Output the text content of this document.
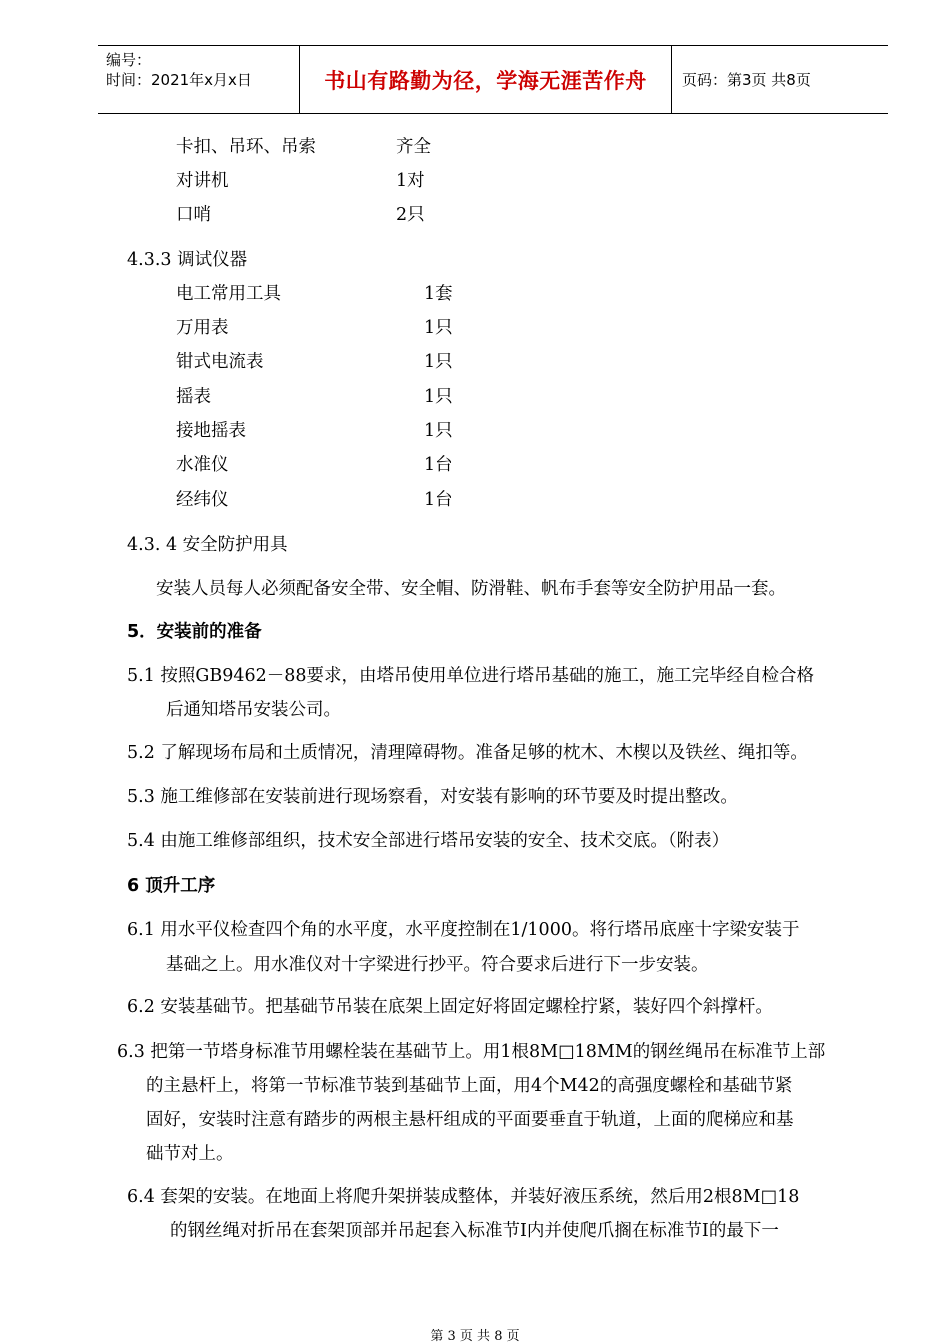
编号：
时间：2021年x月x日	书山有路勤为径，学海无涯苦作舟	页码：第3页 共8页
卡扣、吊环、吊索	齐全
对讲机	1对
口哨	2只
4.3.3 调试仪器
电工常用工具	1套
万用表	1只
钳式电流表	1只
摇表	1只
接地摇表	1只
水准仪	1台
经纬仪	1台
4.3. 4 安全防护用具
安装人员每人必须配备安全带、安全帽、防滑鞋、帆布手套等安全防护用品一套。
5．安装前的准备
5.1 按照GB9462－88要求，由塔吊使用单位进行塔吊基础的施工，施工完毕经自检合格
后通知塔吊安装公司。
5.2 了解现场布局和土质情况，清理障碍物。准备足够的枕木、木楔以及铁丝、绳扣等。
5.3 施工维修部在安装前进行现场察看，对安装有影响的环节要及时提出整改。
5.4 由施工维修部组织，技术安全部进行塔吊安装的安全、技术交底。（附表）
6 顶升工序
6.1 用水平仪检查四个角的水平度，水平度控制在1/1000。将行塔吊底座十字梁安装于
基础之上。用水准仪对十字梁进行抄平。符合要求后进行下一步安装。
6.2 安装基础节。把基础节吊装在底架上固定好将固定螺栓拧紧，装好四个斜撑杆。
6.3 把第一节塔身标准节用螺栓装在基础节上。用1根8M□18MM的钢丝绳吊在标准节上部
的主悬杆上，将第一节标准节装到基础节上面，用4个M42的高强度螺栓和基础节紧
固好，安装时注意有踏步的两根主悬杆组成的平面要垂直于轨道，上面的爬梯应和基
础节对上。
6.4 套架的安装。在地面上将爬升架拼装成整体，并装好液压系统，然后用2根8M□18
的钢丝绳对折吊在套架顶部并吊起套入标准节I内并使爬爪搁在标准节I的最下一
第 3 页 共 8 页
